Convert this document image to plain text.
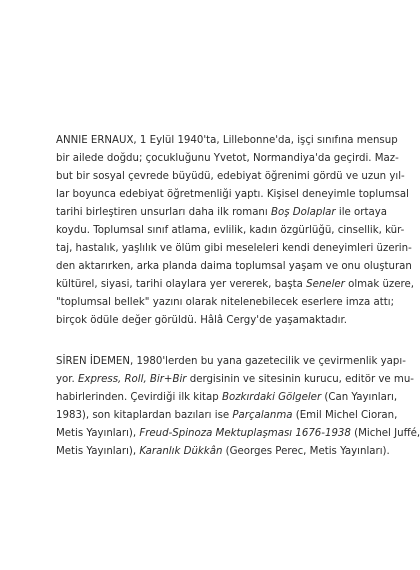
ANNIE ERNAUX, 1 Eylül 1940'ta, Lillebonne'da, işçi sınıfına mensup
bir ailede doğdu; çocukluğunu Yvetot, Normandiya'da geçirdi. Maz-
but bir sosyal çevrede büyüdü, edebiyat öğrenimi gördü ve uzun yıl-
lar boyunca edebiyat öğretmenliği yaptı. Kişisel deneyimle toplumsal
tarihi birleştiren unsurları daha ilk romanı Boş Dolaplar ile ortaya
koydu. Toplumsal sınıf atlama, evlilik, kadın özgürlüğü, cinsellik, kür-
taj, hastalık, yaşlılık ve ölüm gibi meseleleri kendi deneyimleri üzerin-
den aktarırken, arka planda daima toplumsal yaşam ve onu oluşturan
kültürel, siyasi, tarihi olaylara yer vererek, başta Seneler olmak üzere,
"toplumsal bellek" yazını olarak nitelenebilecek eserlere imza attı;
birçok ödüle değer görüldü. Hâlâ Cergy'de yaşamaktadır.
SİREN İDEMEN, 1980'lerden bu yana gazetecilik ve çevirmenlik yapı-
yor. Express, Roll, Bir+Bir dergisinin ve sitesinin kurucu, editör ve mu-
habirlerinden. Çevirdiği ilk kitap Bozkırdaki Gölgeler (Can Yayınları,
1983), son kitaplardan bazıları ise Parçalanma (Emil Michel Cioran,
Metis Yayınları), Freud-Spinoza Mektuplaşması 1676-1938 (Michel Juffé,
Metis Yayınları), Karanlık Dükkân (Georges Perec, Metis Yayınları).
